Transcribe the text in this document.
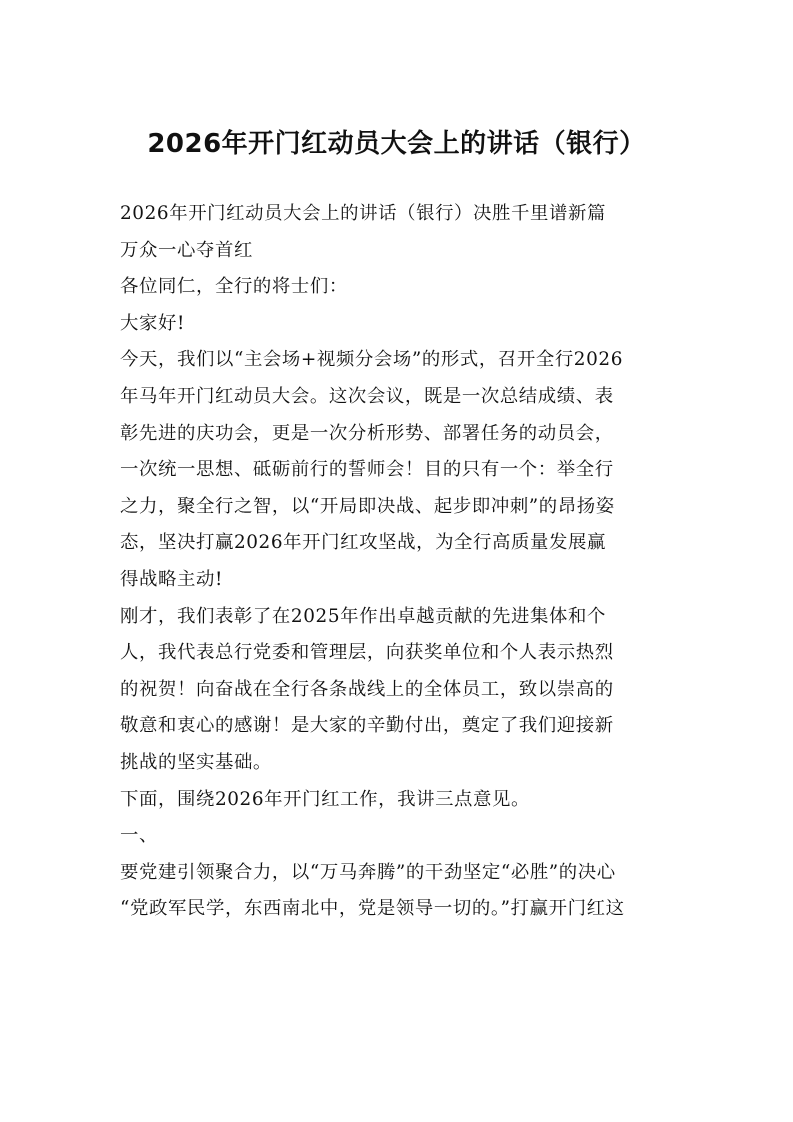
2026年开门红动员大会上的讲话（银行）
2026年开门红动员大会上的讲话（银行）决胜千里谱新篇
万众一心夺首红
各位同仁，全行的将士们：
大家好!
今天，我们以“主会场+视频分会场”的形式，召开全行2026
年马年开门红动员大会。这次会议，既是一次总结成绩、表
彰先进的庆功会，更是一次分析形势、部署任务的动员会，
一次统一思想、砥砺前行的誓师会！目的只有一个：举全行
之力，聚全行之智，以“开局即决战、起步即冲刺”的昂扬姿
态，坚决打赢2026年开门红攻坚战，为全行高质量发展赢
得战略主动!
刚才，我们表彰了在2025年作出卓越贡献的先进集体和个
人，我代表总行党委和管理层，向获奖单位和个人表示热烈
的祝贺！向奋战在全行各条战线上的全体员工，致以崇高的
敬意和衷心的感谢！是大家的辛勤付出，奠定了我们迎接新
挑战的坚实基础。
下面，围绕2026年开门红工作，我讲三点意见。
一、
要党建引领聚合力，以“万马奔腾”的干劲坚定“必胜”的决心
“党政军民学，东西南北中，党是领导一切的。”打赢开门红这
